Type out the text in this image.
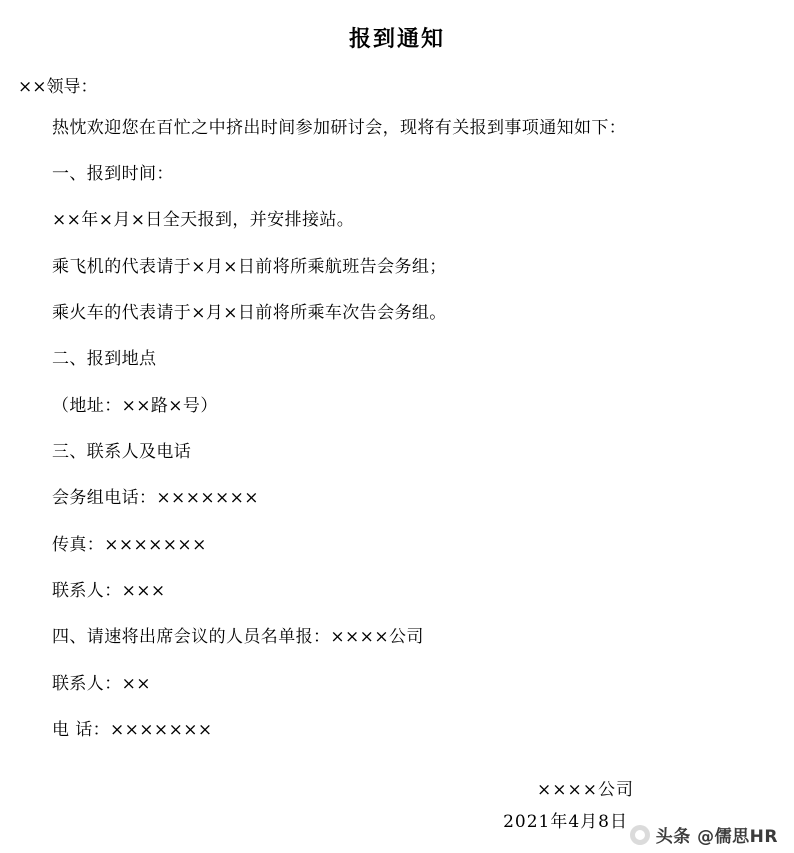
报到通知

××领导：

热忱欢迎您在百忙之中挤出时间参加研讨会，现将有关报到事项通知如下：

一、报到时间：

××年×月×日全天报到，并安排接站。

乘飞机的代表请于×月×日前将所乘航班告会务组；

乘火车的代表请于×月×日前将所乘车次告会务组。

二、报到地点

（地址：××路×号）

三、联系人及电话

会务组电话：×××××××

传真：×××××××

联系人：×××

四、请速将出席会议的人员名单报：××××公司

联系人：××

电 话：×××××××

××××公司

2021年4月8日

头条 @儒思HR
